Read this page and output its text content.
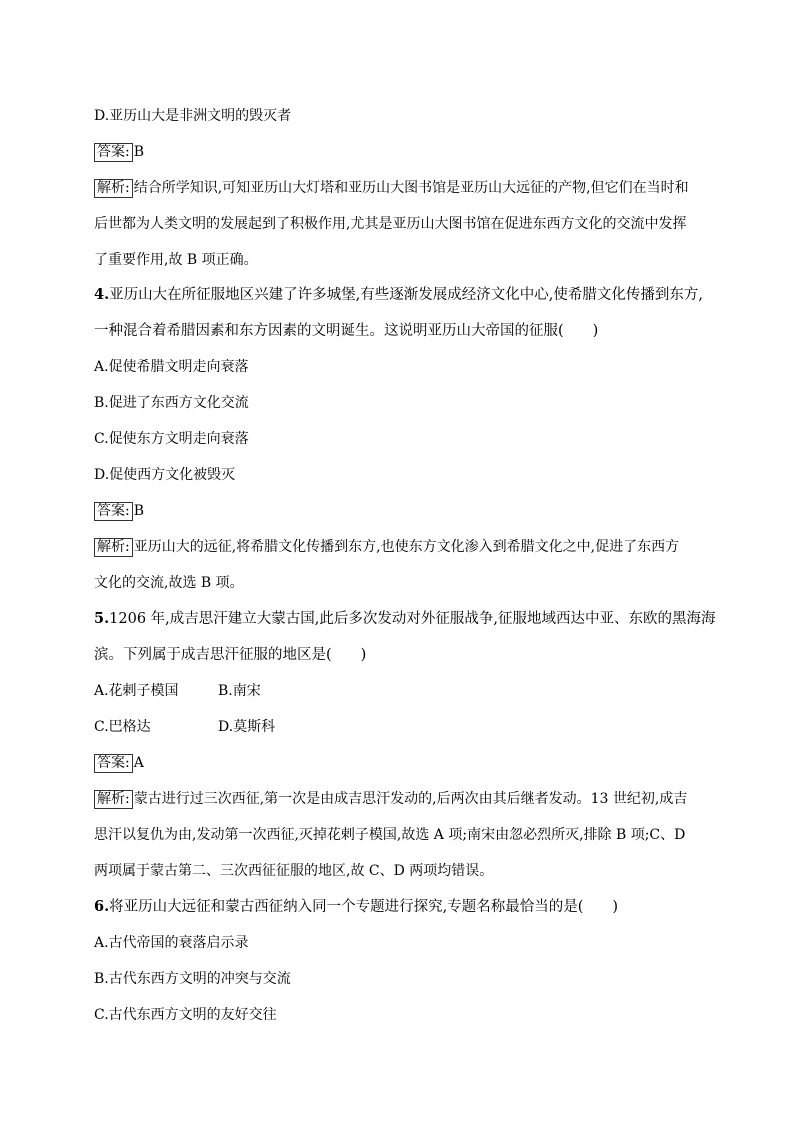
D.亚历山大是非洲文明的毁灭者
答案: B
解析: 结合所学知识,可知亚历山大灯塔和亚历山大图书馆是亚历山大远征的产物,但它们在当时和
后世都为人类文明的发展起到了积极作用,尤其是亚历山大图书馆在促进东西方文化的交流中发挥
了重要作用,故 B 项正确。
4.亚历山大在所征服地区兴建了许多城堡,有些逐渐发展成经济文化中心,使希腊文化传播到东方,
一种混合着希腊因素和东方因素的文明诞生。这说明亚历山大帝国的征服(　　)
A.促使希腊文明走向衰落
B.促进了东西方文化交流
C.促使东方文明走向衰落
D.促使西方文化被毁灭
答案: B
解析: 亚历山大的远征,将希腊文化传播到东方,也使东方文化渗入到希腊文化之中,促进了东西方
文化的交流,故选 B 项。
5.1206 年,成吉思汗建立大蒙古国,此后多次发动对外征服战争,征服地域西达中亚、东欧的黑海海
滨。下列属于成吉思汗征服的地区是(　　)
A.花剌子模国	B.南宋
C.巴格达	D.莫斯科
答案: A
解析: 蒙古进行过三次西征,第一次是由成吉思汗发动的,后两次由其后继者发动。13 世纪初,成吉
思汗以复仇为由,发动第一次西征,灭掉花剌子模国,故选 A 项;南宋由忽必烈所灭,排除 B 项;C、D
两项属于蒙古第二、三次西征征服的地区,故 C、D 两项均错误。
6.将亚历山大远征和蒙古西征纳入同一个专题进行探究,专题名称最恰当的是(　　)
A.古代帝国的衰落启示录
B.古代东西方文明的冲突与交流
C.古代东西方文明的友好交往
